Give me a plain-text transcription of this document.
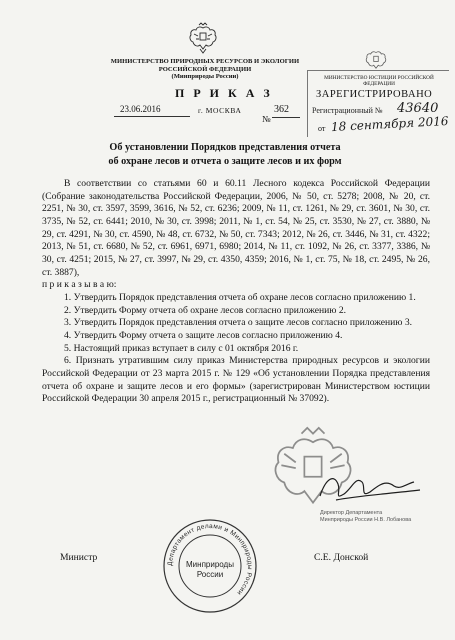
МИНИСТЕРСТВО ПРИРОДНЫХ РЕСУРСОВ И ЭКОЛОГИИ
РОССИЙСКОЙ ФЕДЕРАЦИИ
(Минприроды России)
П Р И К А З
23.06.2016	г. МОСКВА
№
362
МИНИСТЕРСТВО ЮСТИЦИИ РОССИЙСКОЙ ФЕДЕРАЦИИ
ЗАРЕГИСТРИРОВАНО
Регистрационный № 43640
от 18 сентября 2016
Об установлении Порядков представления отчета
об охране лесов и отчета о защите лесов и их форм

В соответствии со статьями 60 и 60.11 Лесного кодекса Российской Федерации (Собрание законодательства Российской Федерации, 2006, № 50, ст. 5278; 2008, № 20, ст. 2251, № 30, ст. 3597, 3599, 3616, № 52, ст. 6236; 2009, № 11, ст. 1261, № 29, ст. 3601, № 30, ст. 3735, № 52, ст. 6441; 2010, № 30, ст. 3998; 2011, № 1, ст. 54, № 25, ст. 3530, № 27, ст. 3880, № 29, ст. 4291, № 30, ст. 4590, № 48, ст. 6732, № 50, ст. 7343; 2012, № 26, ст. 3446, № 31, ст. 4322; 2013, № 51, ст. 6680, № 52, ст. 6961, 6971, 6980; 2014, № 11, ст. 1092, № 26, ст. 3377, 3386, № 30, ст. 4251; 2015, № 27, ст. 3997, № 29, ст. 4350, 4359; 2016, № 1, ст. 75, № 18, ст. 2495, № 26, ст. 3887),

п р и к а з ы в а ю:

1. Утвердить Порядок представления отчета об охране лесов согласно приложению 1.

2. Утвердить Форму отчета об охране лесов согласно приложению 2.

3. Утвердить Порядок представления отчета о защите лесов согласно приложению 3.

4. Утвердить Форму отчета о защите лесов согласно приложению 4.

5. Настоящий приказ вступает в силу с 01 октября 2016 г.

6. Признать утратившим силу приказ Министерства природных ресурсов и экологии Российской Федерации от 23 марта 2015 г. № 129 «Об установлении Порядка представления отчета об охране и защите лесов и его формы» (зарегистрирован Министерством юстиции Российской Федерации 30 апреля 2015 г., регистрационный № 37092).

Директор Департамента
Минприроды России Н.В. Лобанова
Департамент делами и Минприроды России
Минприроды
России
Министр	С.Е. Донской
